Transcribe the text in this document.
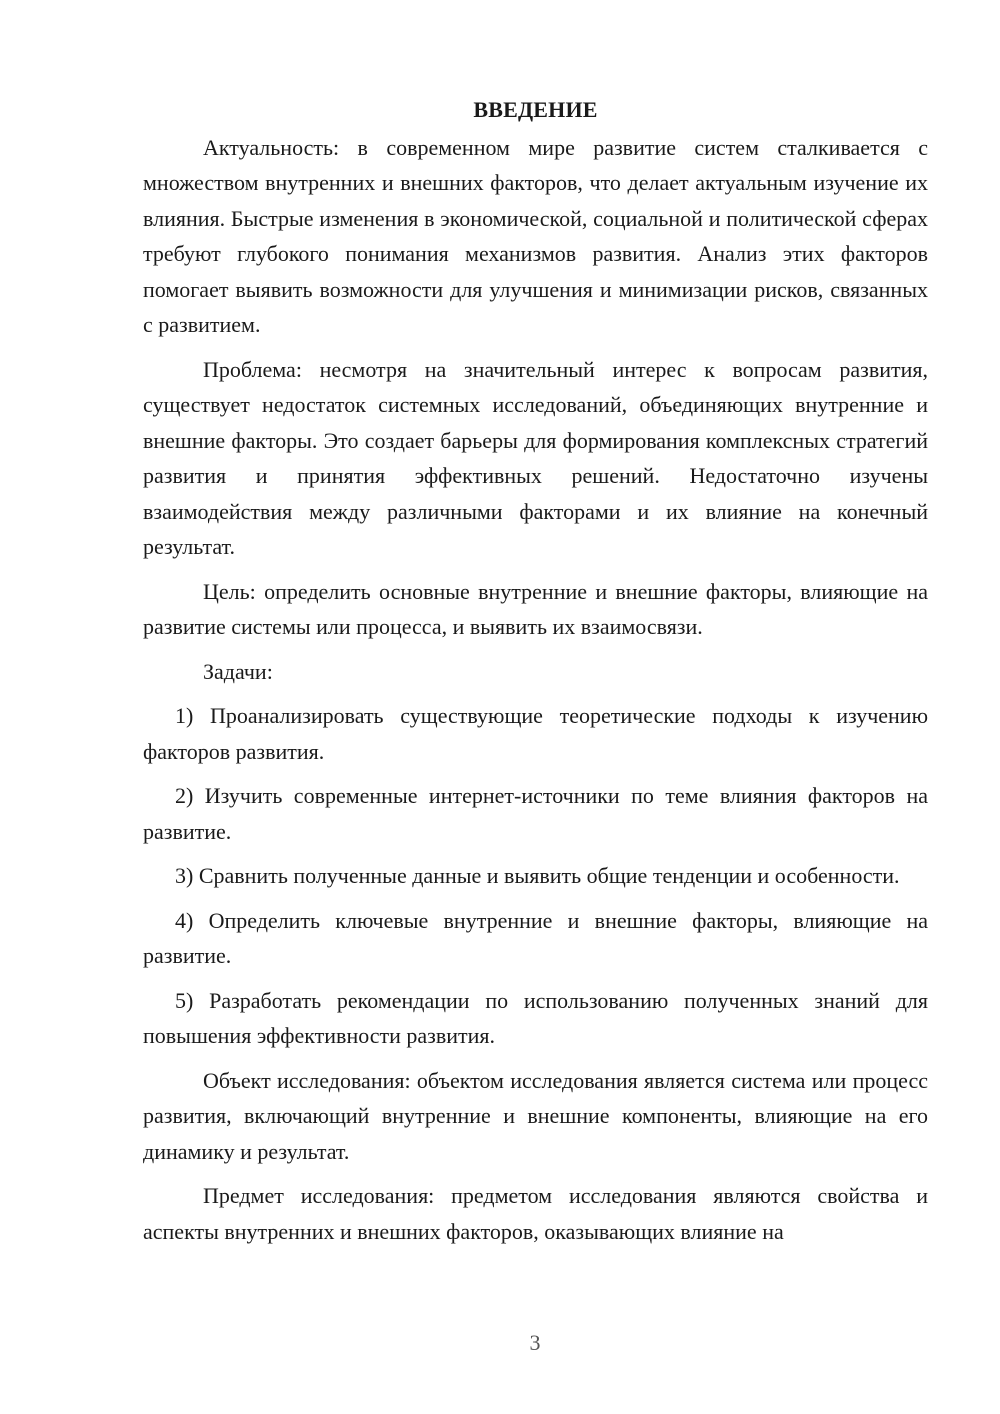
ВВЕДЕНИЕ

Актуальность: в современном мире развитие систем сталкивается с множеством внутренних и внешних факторов, что делает актуальным изучение их влияния. Быстрые изменения в экономической, социальной и политической сферах требуют глубокого понимания механизмов развития. Анализ этих факторов помогает выявить возможности для улучшения и минимизации рисков, связанных с развитием.

Проблема: несмотря на значительный интерес к вопросам развития, существует недостаток системных исследований, объединяющих внутренние и внешние факторы. Это создает барьеры для формирования комплексных стратегий развития и принятия эффективных решений. Недостаточно изучены взаимодействия между различными факторами и их влияние на конечный результат.

Цель: определить основные внутренние и внешние факторы, влияющие на развитие системы или процесса, и выявить их взаимосвязи.

Задачи:

1) Проанализировать существующие теоретические подходы к изучению факторов развития.
2) Изучить современные интернет-источники по теме влияния факторов на развитие.
3) Сравнить полученные данные и выявить общие тенденции и особенности.
4) Определить ключевые внутренние и внешние факторы, влияющие на развитие.
5) Разработать рекомендации по использованию полученных знаний для повышения эффективности развития.

Объект исследования: объектом исследования является система или процесс развития, включающий внутренние и внешние компоненты, влияющие на его динамику и результат.

Предмет исследования: предметом исследования являются свойства и аспекты внутренних и внешних факторов, оказывающих влияние на

3
